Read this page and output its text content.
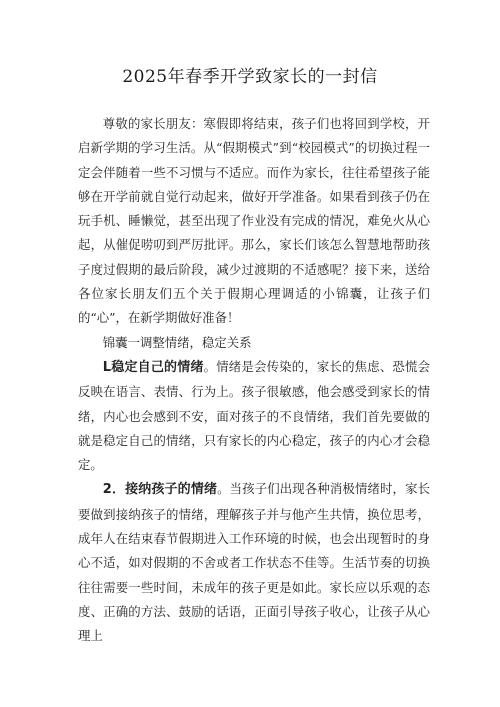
2025年春季开学致家长的一封信

尊敬的家长朋友：寒假即将结束，孩子们也将回到学校，开启新学期的学习生活。从“假期模式”到“校园模式”的切换过程一定会伴随着一些不习惯与不适应。而作为家长，往往希望孩子能够在开学前就自觉行动起来，做好开学准备。如果看到孩子仍在玩手机、睡懒觉，甚至出现了作业没有完成的情况，难免火从心起，从催促唠叨到严厉批评。那么，家长们该怎么智慧地帮助孩子度过假期的最后阶段，减少过渡期的不适感呢？接下来，送给各位家长朋友们五个关于假期心理调适的小锦囊，让孩子们的“心”，在新学期做好准备！

锦囊一调整情绪，稳定关系

L稳定自己的情绪。情绪是会传染的，家长的焦虑、恐慌会反映在语言、表情、行为上。孩子很敏感，他会感受到家长的情绪，内心也会感到不安，面对孩子的不良情绪，我们首先要做的就是稳定自己的情绪，只有家长的内心稳定，孩子的内心才会稳定。

2．接纳孩子的情绪。当孩子们出现各种消极情绪时，家长要做到接纳孩子的情绪，理解孩子并与他产生共情，换位思考，成年人在结束春节假期进入工作环境的时候，也会出现暂时的身心不适，如对假期的不舍或者工作状态不佳等。生活节奏的切换往往需要一些时间，未成年的孩子更是如此。家长应以乐观的态度、正确的方法、鼓励的话语，正面引导孩子收心，让孩子从心理上
